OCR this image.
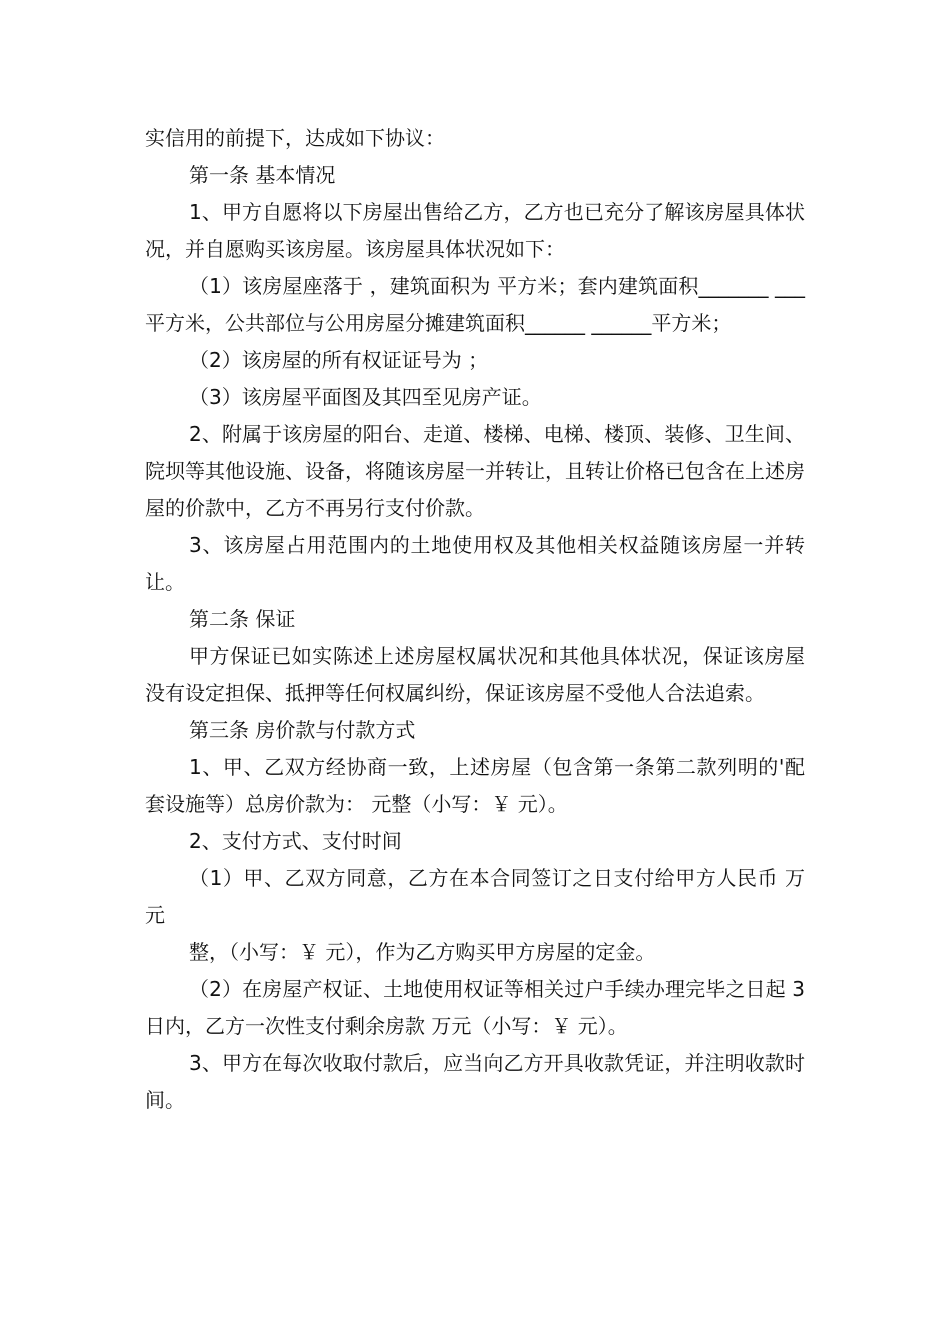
实信用的前提下，达成如下协议：

第一条 基本情况

1、甲方自愿将以下房屋出售给乙方，乙方也已充分了解该房屋具体状况，并自愿购买该房屋。该房屋具体状况如下：

（1）该房屋座落于 ，建筑面积为 平方米；套内建筑面积_______ ___平方米，公共部位与公用房屋分摊建筑面积______ ______平方米；

（2）该房屋的所有权证证号为 ；

（3）该房屋平面图及其四至见房产证。

2、附属于该房屋的阳台、走道、楼梯、电梯、楼顶、装修、卫生间、院坝等其他设施、设备，将随该房屋一并转让，且转让价格已包含在上述房屋的价款中，乙方不再另行支付价款。

3、该房屋占用范围内的土地使用权及其他相关权益随该房屋一并转让。

第二条 保证

甲方保证已如实陈述上述房屋权属状况和其他具体状况，保证该房屋没有设定担保、抵押等任何权属纠纷，保证该房屋不受他人合法追索。

第三条 房价款与付款方式

1、甲、乙双方经协商一致，上述房屋（包含第一条第二款列明的'配套设施等）总房价款为： 元整（小写：￥ 元）。

2、支付方式、支付时间

（1）甲、乙双方同意，乙方在本合同签订之日支付给甲方人民币 万元

整，（小写：￥ 元），作为乙方购买甲方房屋的定金。

（2）在房屋产权证、土地使用权证等相关过户手续办理完毕之日起 3 日内，乙方一次性支付剩余房款 万元（小写：￥ 元）。

3、甲方在每次收取付款后，应当向乙方开具收款凭证，并注明收款时间。
